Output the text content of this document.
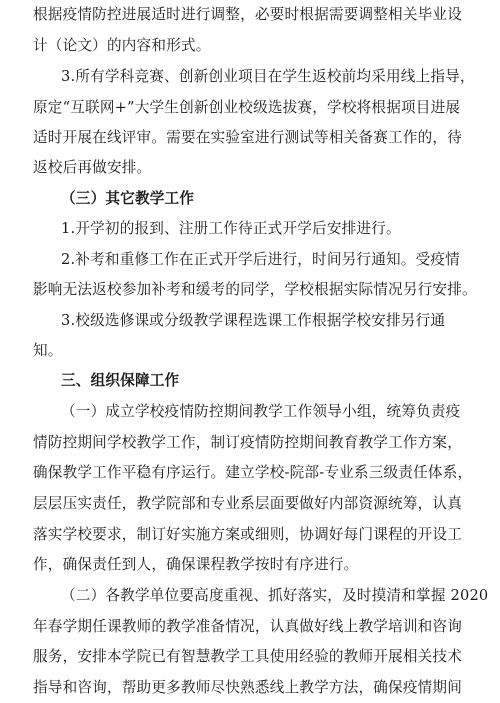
根据疫情防控进展适时进行调整，必要时根据需要调整相关毕业设
计（论文）的内容和形式。
3.所有学科竞赛、创新创业项目在学生返校前均采用线上指导，
原定“互联网+”大学生创新创业校级选拔赛，学校将根据项目进展
适时开展在线评审。需要在实验室进行测试等相关备赛工作的，待
返校后再做安排。
（三）其它教学工作
1.开学初的报到、注册工作待正式开学后安排进行。
2.补考和重修工作在正式开学后进行，时间另行通知。受疫情
影响无法返校参加补考和缓考的同学，学校根据实际情况另行安排。
3.校级选修课或分级教学课程选课工作根据学校安排另行通
知。
三、组织保障工作
（一）成立学校疫情防控期间教学工作领导小组，统筹负责疫
情防控期间学校教学工作，制订疫情防控期间教育教学工作方案，
确保教学工作平稳有序运行。建立学校-院部-专业系三级责任体系，
层层压实责任，教学院部和专业系层面要做好内部资源统筹，认真
落实学校要求，制订好实施方案或细则，协调好每门课程的开设工
作，确保责任到人，确保课程教学按时有序进行。
（二）各教学单位要高度重视、抓好落实，及时摸清和掌握 2020
年春学期任课教师的教学准备情况，认真做好线上教学培训和咨询
服务，安排本学院已有智慧教学工具使用经验的教师开展相关技术
指导和咨询，帮助更多教师尽快熟悉线上教学方法，确保疫情期间
